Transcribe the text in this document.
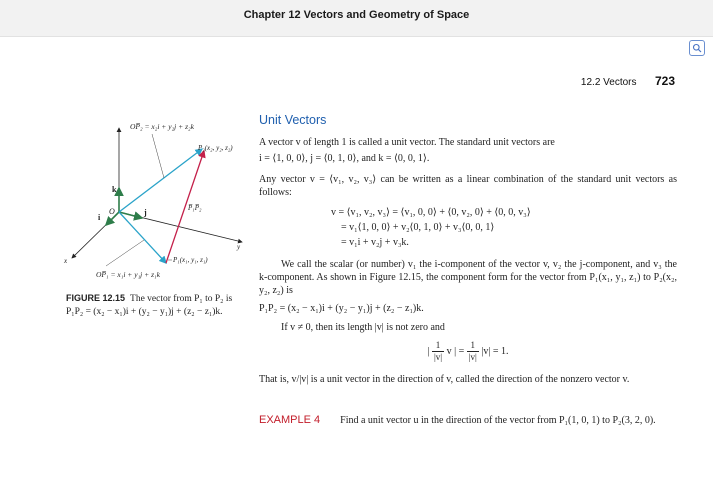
Chapter 12 Vectors and Geometry of Space
12.2 Vectors 723
OP̅₂ = x₂i + y₂j + z₂k
P₂(x₂, y₂, z₂)
k
O
i
j	P̅₁P̅₂
y
x	P₁(x₁, y₁, z₁)
OP̅₁ = x₁i + y₁j + z₁k
FIGURE 12.15 The vector from P₁ to P₂ is P₁P₂ = (x₂ − x₁)i + (y₂ − y₁)j + (z₂ − z₁)k.
Unit Vectors

A vector v of length 1 is called a unit vector. The standard unit vectors are

i = ⟨1, 0, 0⟩, j = ⟨0, 1, 0⟩, and k = ⟨0, 0, 1⟩.

Any vector v = ⟨v₁, v₂, v₃⟩ can be written as a linear combination of the standard unit vectors as follows:

v = ⟨v₁, v₂, v₃⟩ = ⟨v₁, 0, 0⟩ + ⟨0, v₂, 0⟩ + ⟨0, 0, v₃⟩
= v₁⟨1, 0, 0⟩ + v₂⟨0, 1, 0⟩ + v₃⟨0, 0, 1⟩
= v₁i + v₂j + v₃k.

We call the scalar (or number) v₁ the i-component of the vector v, v₂ the j-component, and v₃ the k-component. As shown in Figure 12.15, the component form for the vector from P₁(x₁, y₁, z₁) to P₂(x₂, y₂, z₂) is

P₁P₂ = (x₂ − x₁)i + (y₂ − y₁)j + (z₂ − z₁)k.

If v ≠ 0, then its length |v| is not zero and

| $\frac{1}{|v|}$ v | = $\frac{1}{|v|} |v| = 1$.

That is, v/|v| is a unit vector in the direction of v, called the direction of the nonzero vector v.

EXAMPLE 4 Find a unit vector u in the direction of the vector from P₁(1, 0, 1) to P₂(3, 2, 0).
